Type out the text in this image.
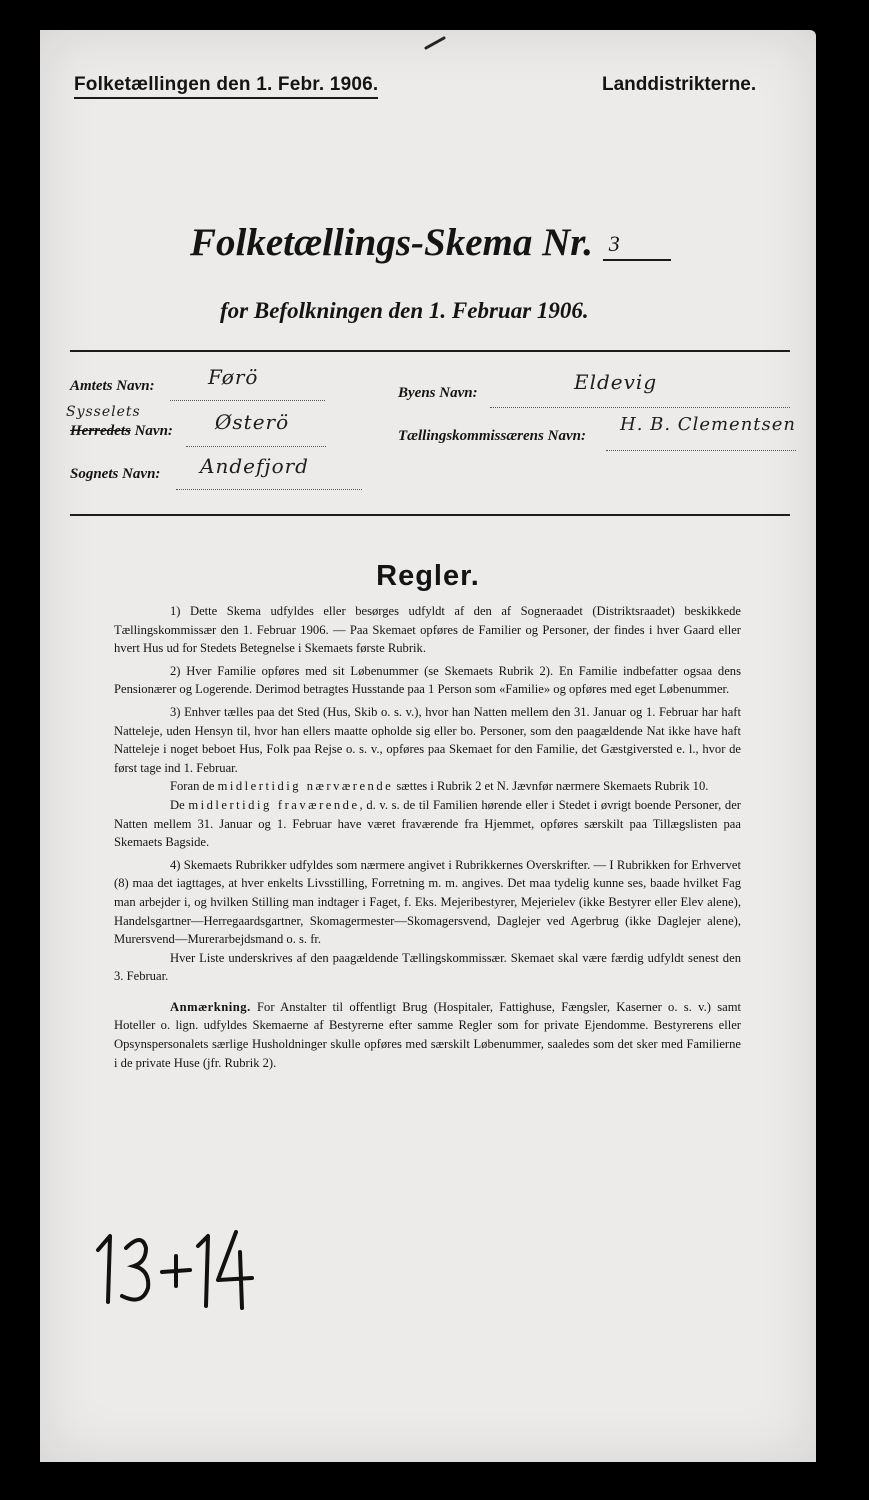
Folketællingen den 1. Febr. 1906.	Landdistrikterne.
Folketællings-Skema Nr. 3
for Befolkningen den 1. Februar 1906.
Amtets Navn:	Førö
Byens Navn:	Eldevig
Sysselets
Herredets Navn: Østerö
Tællingskommissærens Navn:
H. B. Clementsen
Sognets Navn: Andefjord
Regler.

1) Dette Skema udfyldes eller besørges udfyldt af den af Sogneraadet (Distriktsraadet) beskikkede Tællingskommissær den 1. Februar 1906. — Paa Skemaet opføres de Familier og Personer, der findes i hver Gaard eller hvert Hus ud for Stedets Betegnelse i Skemaets første Rubrik.

2) Hver Familie opføres med sit Løbenummer (se Skemaets Rubrik 2). En Familie indbefatter ogsaa dens Pensionærer og Logerende. Derimod betragtes Husstande paa 1 Person som «Familie» og opføres med eget Løbenummer.

3) Enhver tælles paa det Sted (Hus, Skib o. s. v.), hvor han Natten mellem den 31. Januar og 1. Februar har haft Natteleje, uden Hensyn til, hvor han ellers maatte opholde sig eller bo. Personer, som den paagældende Nat ikke have haft Natteleje i noget beboet Hus, Folk paa Rejse o. s. v., opføres paa Skemaet for den Familie, det Gæstgiversted e. l., hvor de først tage ind 1. Februar.

Foran de midlertidig nærværende sættes i Rubrik 2 et N. Jævnfør nærmere Skemaets Rubrik 10.

De midlertidig fraværende, d. v. s. de til Familien hørende eller i Stedet i øvrigt boende Personer, der Natten mellem 31. Januar og 1. Februar have været fraværende fra Hjemmet, opføres særskilt paa Tillægslisten paa Skemaets Bagside.

4) Skemaets Rubrikker udfyldes som nærmere angivet i Rubrikkernes Overskrifter. — I Rubrikken for Erhvervet (8) maa det iagttages, at hver enkelts Livsstilling, Forretning m. m. angives. Det maa tydelig kunne ses, baade hvilket Fag man arbejder i, og hvilken Stilling man indtager i Faget, f. Eks. Mejeribestyrer, Mejerielev (ikke Bestyrer eller Elev alene), Handelsgartner—Herregaardsgartner, Skomagermester—Skomagersvend, Daglejer ved Agerbrug (ikke Daglejer alene), Murersvend—Murerarbejdsmand o. s. fr.

Hver Liste underskrives af den paagældende Tællingskommissær. Skemaet skal være færdig udfyldt senest den 3. Februar.

Anmærkning. For Anstalter til offentligt Brug (Hospitaler, Fattighuse, Fængsler, Kaserner o. s. v.) samt Hoteller o. lign. udfyldes Skemaerne af Bestyrerne efter samme Regler som for private Ejendomme. Bestyrerens eller Opsynspersonalets særlige Husholdninger skulle opføres med særskilt Løbenummer, saaledes som det sker med Familierne i de private Huse (jfr. Rubrik 2).
